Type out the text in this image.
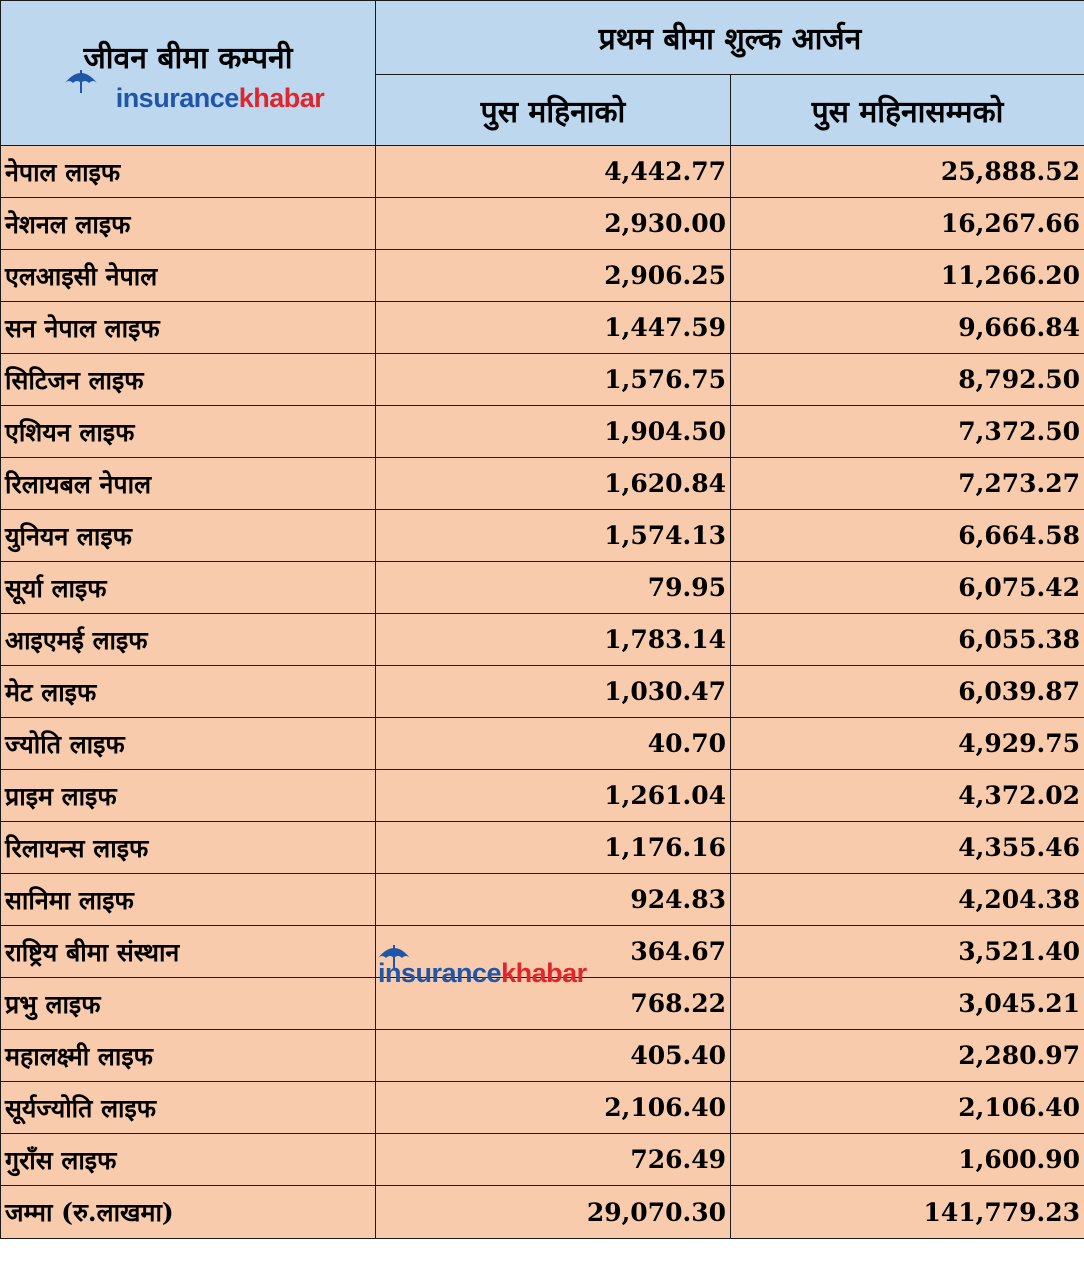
जीवन बीमा कम्पनी
insurancekhabar	प्रथम बीमा शुल्क आर्जन	
	पुस महिनाको	पुस महिनासम्मको
नेपाल लाइफ	4,442.77	25,888.52
नेशनल लाइफ	2,930.00	16,267.66
एलआइसी नेपाल	2,906.25	11,266.20
सन नेपाल लाइफ	1,447.59	9,666.84
सिटिजन लाइफ	1,576.75	8,792.50
एशियन लाइफ	1,904.50	7,372.50
रिलायबल नेपाल	1,620.84	7,273.27
युनियन लाइफ	1,574.13	6,664.58
सूर्या लाइफ	79.95	6,075.42
आइएमई लाइफ	1,783.14	6,055.38
मेट लाइफ	1,030.47	6,039.87
ज्योति लाइफ	40.70	4,929.75
प्राइम लाइफ	1,261.04	4,372.02
रिलायन्स लाइफ	1,176.16	4,355.46
सानिमा लाइफ	924.83	4,204.38
राष्ट्रिय बीमा संस्थान	364.67	3,521.40
प्रभु लाइफ	768.22	3,045.21
महालक्ष्मी लाइफ	405.40	2,280.97
सूर्यज्योति लाइफ	2,106.40	2,106.40
गुराँस लाइफ	726.49	1,600.90
जम्मा (रु.लाखमा)	29,070.30	141,779.23
insurance khabar
